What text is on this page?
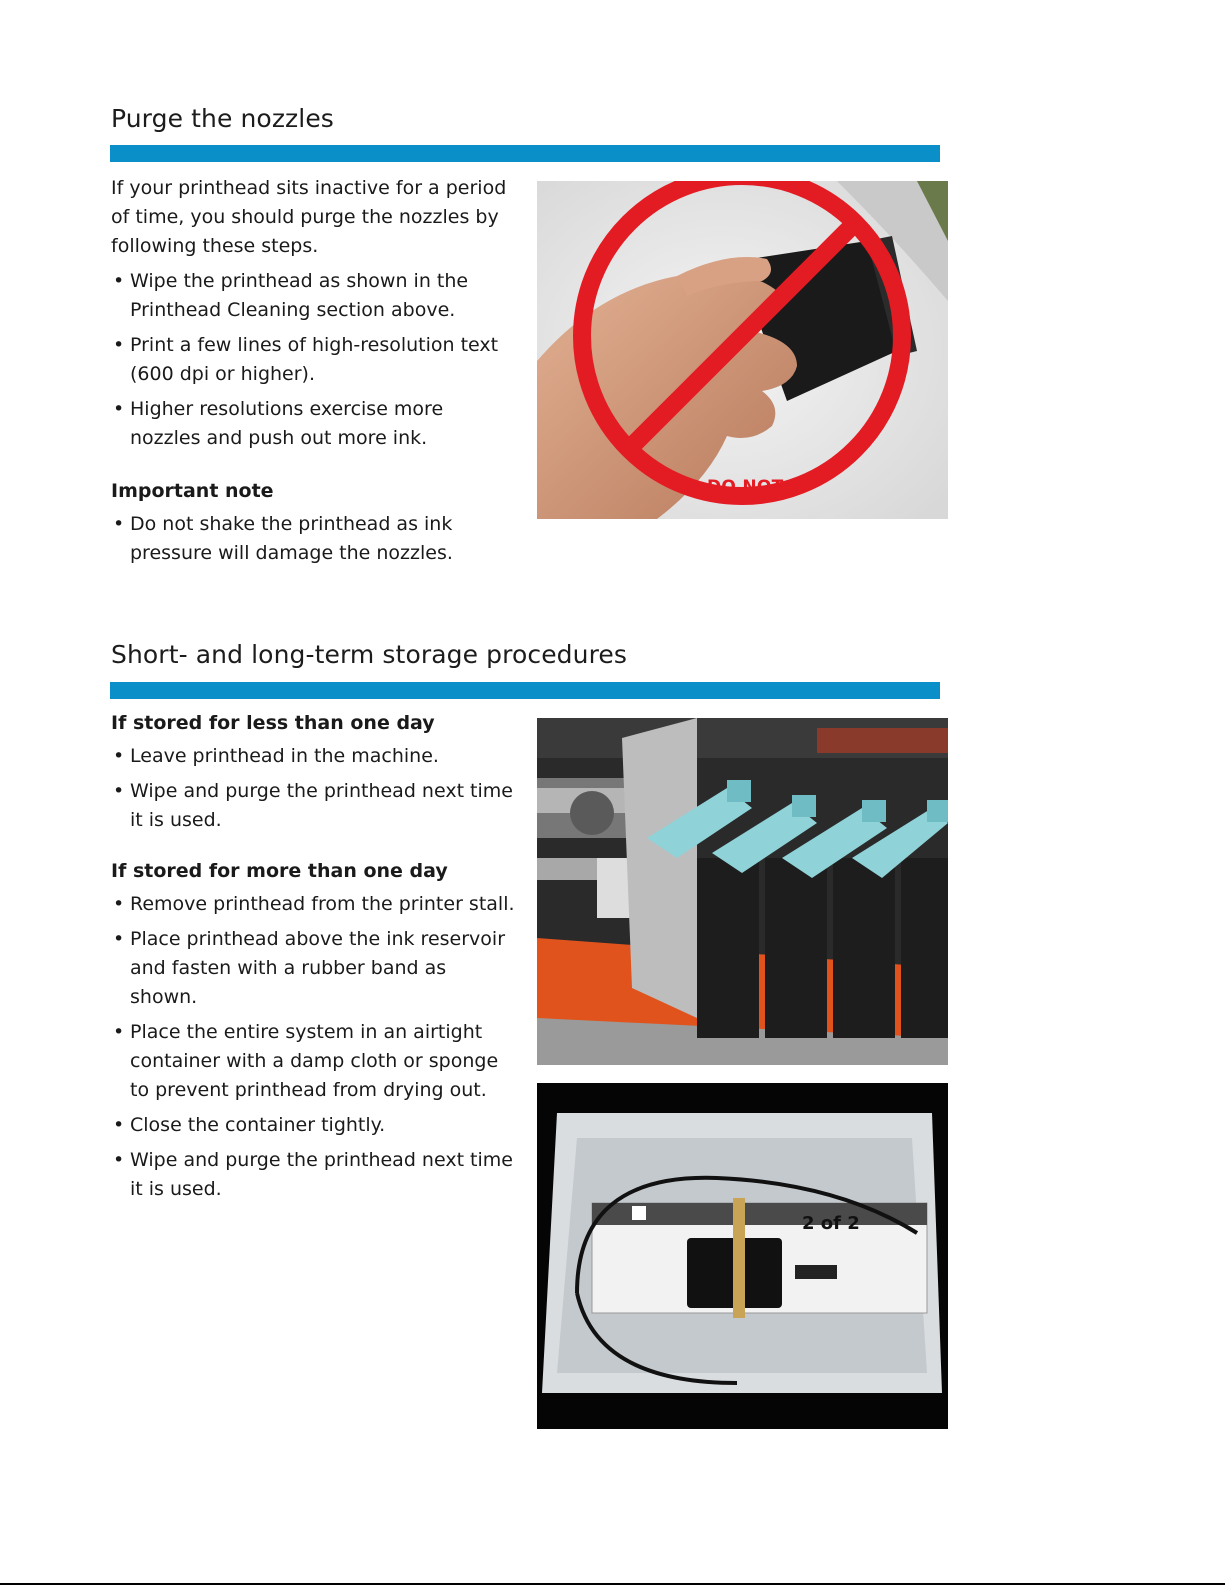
Purge the nozzles

If your printhead sits inactive for a period of time, you should purge the nozzles by following these steps.

• Wipe the printhead as shown in the Printhead Cleaning section above.
• Print a few lines of high-resolution text (600 dpi or higher).
• Higher resolutions exercise more nozzles and push out more ink.

Important note

• Do not shake the printhead as ink pressure will damage the nozzles.
DO NOT
Short- and long-term storage procedures

If stored for less than one day

• Leave printhead in the machine.
• Wipe and purge the printhead next time it is used.

If stored for more than one day

• Remove printhead from the printer stall.
• Place printhead above the ink reservoir and fasten with a rubber band as shown.
• Place the entire system in an airtight container with a damp cloth or sponge to prevent printhead from drying out.
• Close the container tightly.
• Wipe and purge the printhead next time it is used.
2 of 2
